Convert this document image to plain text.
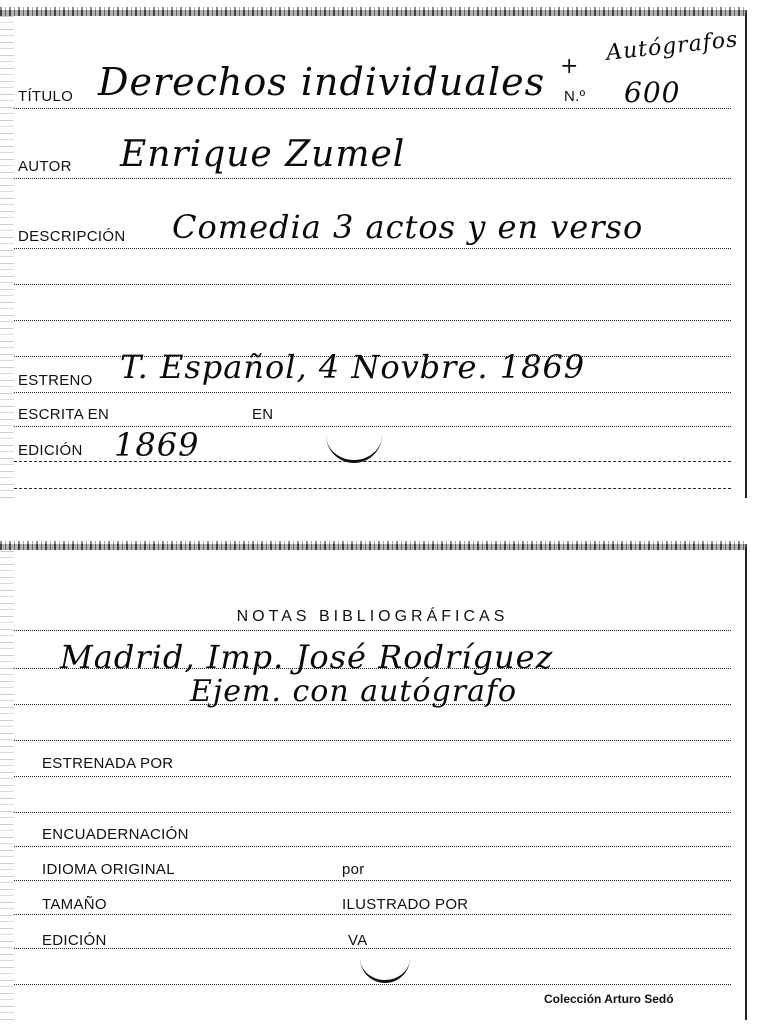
TÍTULO Derechos individuales +
N.º
Autógrafos
600
AUTOR Enrique Zumel
DESCRIPCIÓN Comedia 3 actos y en verso
ESTRENO T. Español, 4 Novbre. 1869
ESCRITA EN	EN
EDICIÓN 1869
NOTAS BIBLIOGRÁFICAS
Madrid, Imp. José Rodríguez
Ejem. con autógrafo
ESTRENADA POR
ENCUADERNACIÓN
IDIOMA ORIGINAL	por
TAMAÑO	ILUSTRADO POR
EDICIÓN	VA
Colección Arturo Sedó
